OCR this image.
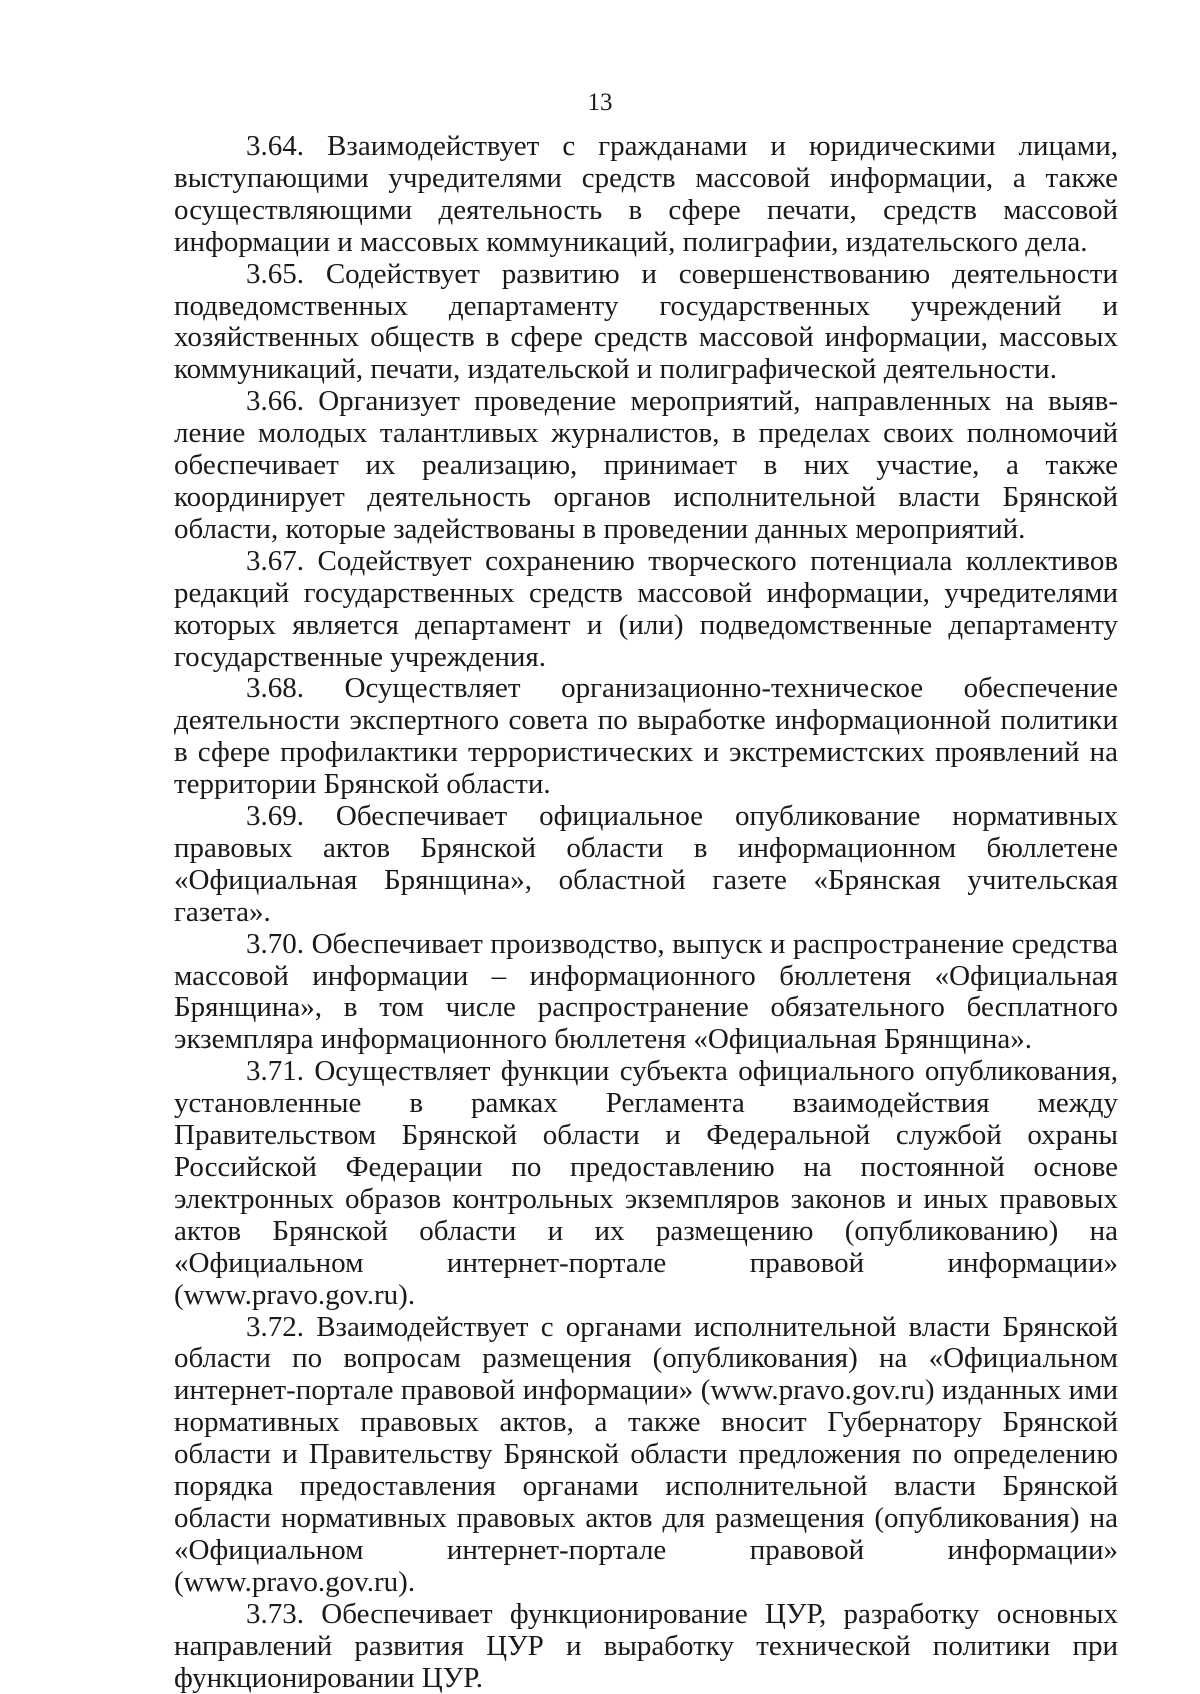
13

3.64. Взаимодействует с гражданами и юридическими лицами, выступающими учредителями средств массовой информации, а также осуществляющими деятельность в сфере печати, средств массовой информации и массовых коммуникаций, полиграфии, издательского дела.

3.65. Содействует развитию и совершенствованию деятельности подведомственных департаменту государственных учреждений и хозяйственных обществ в сфере средств массовой информации, массовых коммуникаций, печати, издательской и полиграфической деятельности.

3.66. Организует проведение мероприятий, направленных на выявление молодых талантливых журналистов, в пределах своих полномочий обеспечивает их реализацию, принимает в них участие, а также координирует деятельность органов исполнительной власти Брянской области, которые задействованы в проведении данных мероприятий.

3.67. Содействует сохранению творческого потенциала коллективов редакций государственных средств массовой информации, учредителями которых является департамент и (или) подведомственные департаменту государственные учреждения.

3.68. Осуществляет организационно-техническое обеспечение деятельности экспертного совета по выработке информационной политики в сфере профилактики террористических и экстремистских проявлений на территории Брянской области.

3.69. Обеспечивает официальное опубликование нормативных правовых актов Брянской области в информационном бюллетене «Официальная Брянщина», областной газете «Брянская учительская газета».

3.70. Обеспечивает производство, выпуск и распространение средства массовой информации – информационного бюллетеня «Официальная Брянщина», в том числе распространение обязательного бесплатного экземпляра информационного бюллетеня «Официальная Брянщина».

3.71. Осуществляет функции субъекта официального опубликования, установленные в рамках Регламента взаимодействия между Правительством Брянской области и Федеральной службой охраны Российской Федерации по предоставлению на постоянной основе электронных образов контрольных экземпляров законов и иных правовых актов Брянской области и их размещению (опубликованию) на «Официальном интернет-портале правовой информации» (www.pravo.gov.ru).

3.72. Взаимодействует с органами исполнительной власти Брянской области по вопросам размещения (опубликования) на «Официальном интернет-портале правовой информации» (www.pravo.gov.ru) изданных ими нормативных правовых актов, а также вносит Губернатору Брянской области и Правительству Брянской области предложения по определению порядка предоставления органами исполнительной власти Брянской области нормативных правовых актов для размещения (опубликования) на «Официальном интернет-портале правовой информации» (www.pravo.gov.ru).

3.73. Обеспечивает функционирование ЦУР, разработку основных направлений развития ЦУР и выработку технической политики при функционировании ЦУР.
